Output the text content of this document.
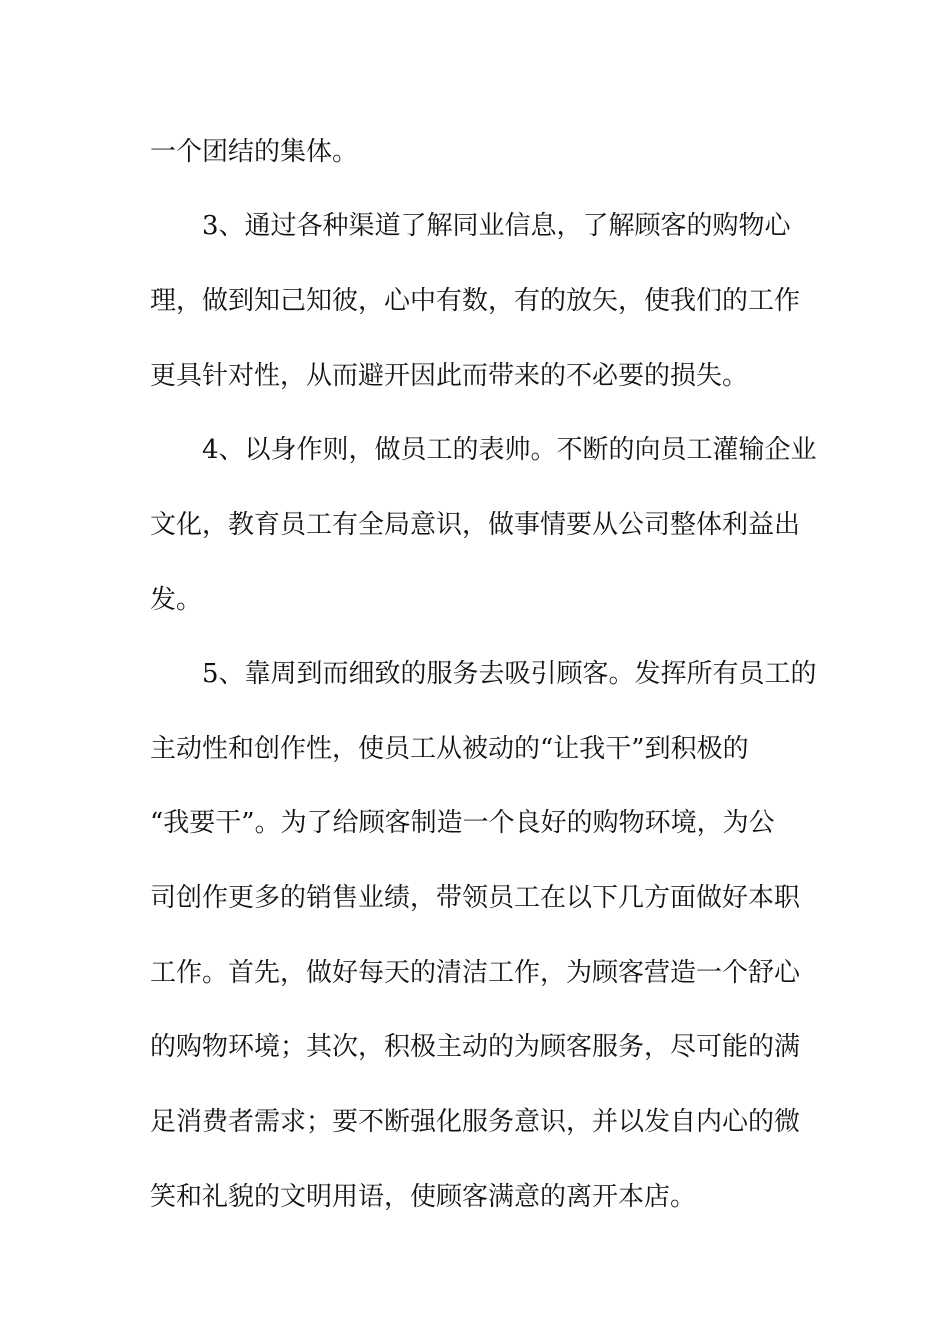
一个团结的集体。
3、通过各种渠道了解同业信息，了解顾客的购物心
理，做到知己知彼，心中有数，有的放矢，使我们的工作
更具针对性，从而避开因此而带来的不必要的损失。
4、以身作则，做员工的表帅。不断的向员工灌输企业
文化，教育员工有全局意识，做事情要从公司整体利益出
发。
5、靠周到而细致的服务去吸引顾客。发挥所有员工的
主动性和创作性，使员工从被动的“让我干”到积极的
“我要干”。为了给顾客制造一个良好的购物环境，为公
司创作更多的销售业绩，带领员工在以下几方面做好本职
工作。首先，做好每天的清洁工作，为顾客营造一个舒心
的购物环境；其次，积极主动的为顾客服务，尽可能的满
足消费者需求；要不断强化服务意识，并以发自内心的微
笑和礼貌的文明用语，使顾客满意的离开本店。
